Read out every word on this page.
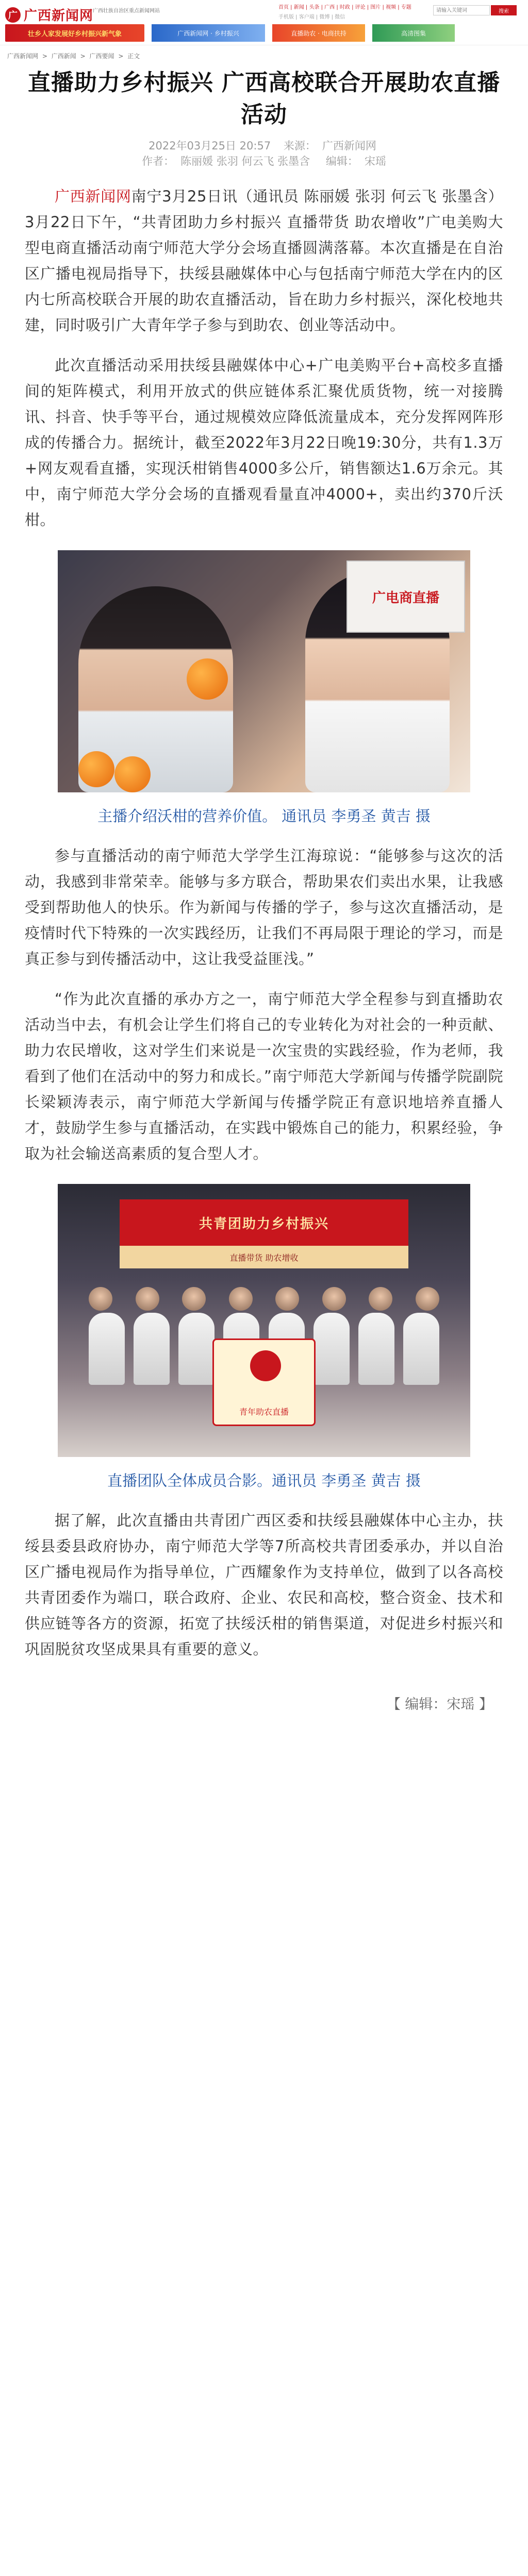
广 广西新闻网
广西壮族自治区重点新闻网站
首页 | 新闻 | 头条 | 广西 | 时政 | 评论 | 图片 | 视频 | 专题
手机版 | 客户端 | 微博 | 微信
请输入关键词
搜索
壮乡人家发展好乡村振兴新气象	广西新闻网 · 乡村振兴	直播助农 · 电商扶持	高清图集
广西新闻网 > 广西新闻 > 广西要闻 > 正文
直播助力乡村振兴 广西高校联合开展助农直播活动
2022年03月25日 20:57 来源： 广西新闻网
作者： 陈丽媛 张羽 何云飞 张墨含 编辑： 宋瑶

广西新闻网南宁3月25日讯（通讯员 陈丽媛 张羽 何云飞 张墨含）3月22日下午，“共青团助力乡村振兴 直播带货 助农增收”广电美购大型电商直播活动南宁师范大学分会场直播圆满落幕。本次直播是在自治区广播电视局指导下，扶绥县融媒体中心与包括南宁师范大学在内的区内七所高校联合开展的助农直播活动，旨在助力乡村振兴，深化校地共建，同时吸引广大青年学子参与到助农、创业等活动中。

此次直播活动采用扶绥县融媒体中心+广电美购平台+高校多直播间的矩阵模式，利用开放式的供应链体系汇聚优质货物，统一对接腾讯、抖音、快手等平台，通过规模效应降低流量成本，充分发挥网阵形成的传播合力。据统计，截至2022年3月22日晚19:30分，共有1.3万+网友观看直播，实现沃柑销售4000多公斤，销售额达1.6万余元。其中，南宁师范大学分会场的直播观看量直冲4000+，卖出约370斤沃柑。

广电商直播
主播介绍沃柑的营养价值。 通讯员 李勇圣 黄吉 摄

参与直播活动的南宁师范大学学生江海琼说：“能够参与这次的活动，我感到非常荣幸。能够与多方联合，帮助果农们卖出水果，让我感受到帮助他人的快乐。作为新闻与传播的学子，参与这次直播活动，是疫情时代下特殊的一次实践经历，让我们不再局限于理论的学习，而是真正参与到传播活动中，这让我受益匪浅。”

“作为此次直播的承办方之一，南宁师范大学全程参与到直播助农活动当中去，有机会让学生们将自己的专业转化为对社会的一种贡献、助力农民增收，这对学生们来说是一次宝贵的实践经验，作为老师，我看到了他们在活动中的努力和成长。”南宁师范大学新闻与传播学院副院长梁颖涛表示，南宁师范大学新闻与传播学院正有意识地培养直播人才，鼓励学生参与直播活动，在实践中锻炼自己的能力，积累经验，争取为社会输送高素质的复合型人才。

共青团助力乡村振兴
直播带货 助农增收
青年助农直播
直播团队全体成员合影。通讯员 李勇圣 黄吉 摄

据了解，此次直播由共青团广西区委和扶绥县融媒体中心主办，扶绥县委县政府协办，南宁师范大学等7所高校共青团委承办，并以自治区广播电视局作为指导单位，广西耀象作为支持单位，做到了以各高校共青团委作为端口，联合政府、企业、农民和高校，整合资金、技术和供应链等各方的资源，拓宽了扶绥沃柑的销售渠道，对促进乡村振兴和巩固脱贫攻坚成果具有重要的意义。

【 编辑：宋瑶 】
